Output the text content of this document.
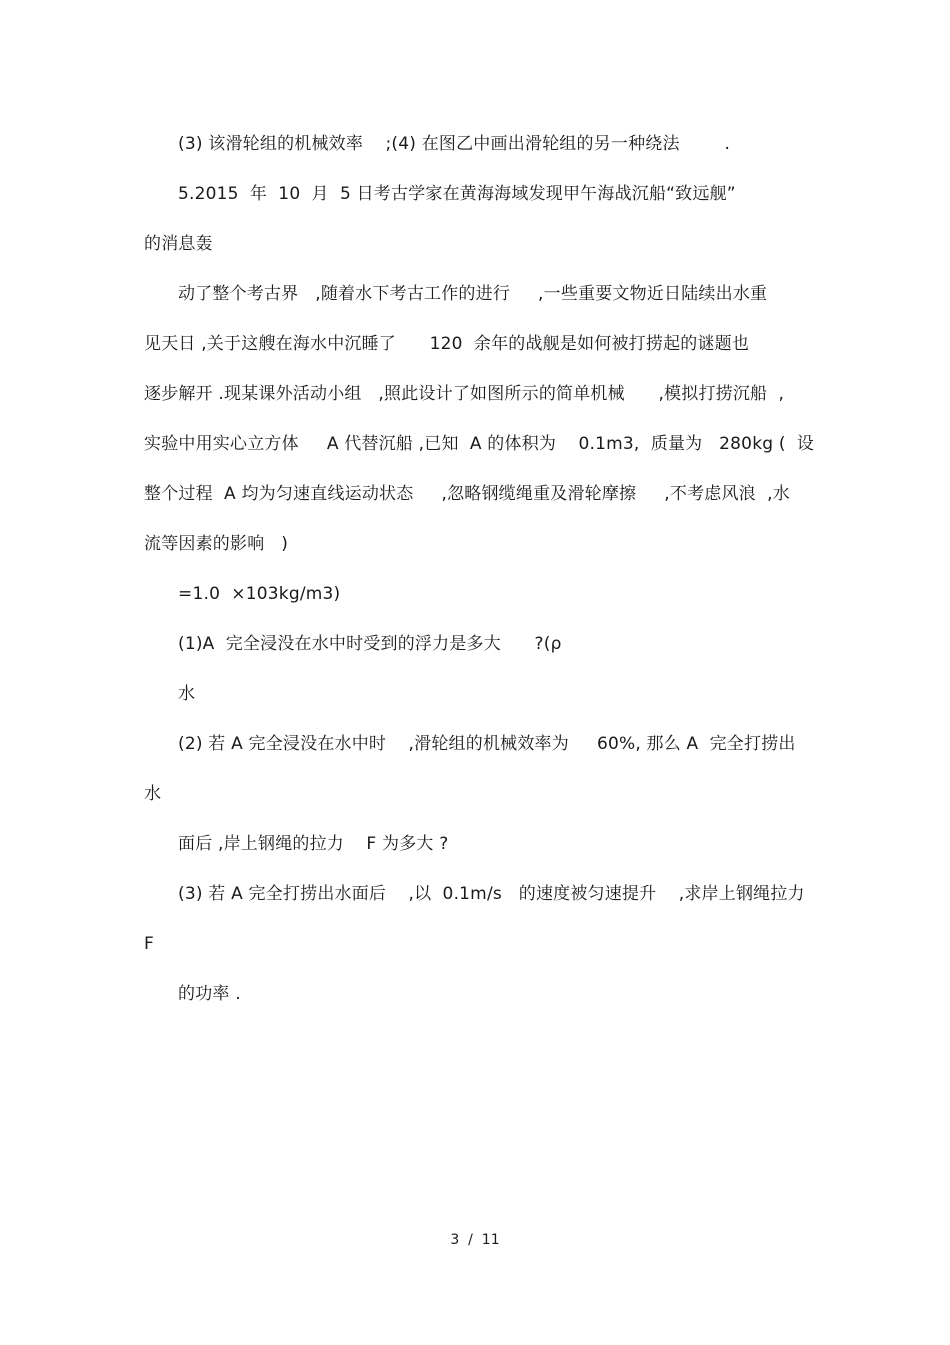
(3) 该滑轮组的机械效率    ;(4) 在图乙中画出滑轮组的另一种绕法        .
5.2015  年  10  月  5 日考古学家在黄海海域发现甲午海战沉船“致远舰”
的消息轰
动了整个考古界   ,随着水下考古工作的进行     ,一些重要文物近日陆续出水重
见天日 ,关于这艘在海水中沉睡了      120  余年的战舰是如何被打捞起的谜题也
逐步解开 .现某课外活动小组   ,照此设计了如图所示的简单机械      ,模拟打捞沉船  ,
实验中用实心立方体     A 代替沉船 ,已知  A 的体积为    0.1m3,  质量为   280kg (  设
整个过程  A 均为匀速直线运动状态     ,忽略钢缆绳重及滑轮摩擦     ,不考虑风浪  ,水
流等因素的影响   )
=1.0  ×103kg/m3)
(1)A  完全浸没在水中时受到的浮力是多大      ?(ρ
水
(2) 若 A 完全浸没在水中时    ,滑轮组的机械效率为     60%, 那么 A  完全打捞出
水
面后 ,岸上钢绳的拉力    F 为多大 ?
(3) 若 A 完全打捞出水面后    ,以  0.1m/s   的速度被匀速提升    ,求岸上钢绳拉力
F
的功率 .
3  /  11
